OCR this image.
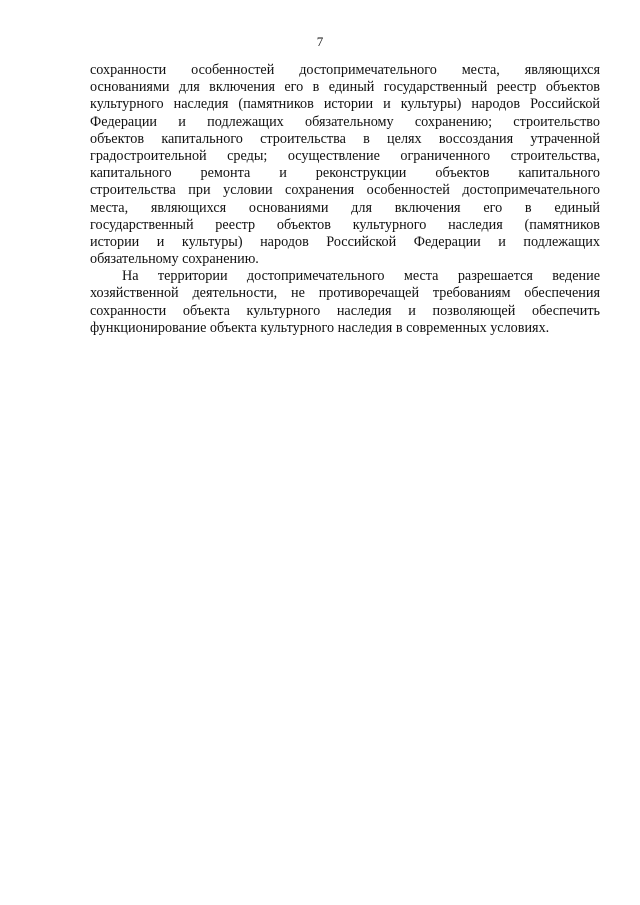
7
сохранности особенностей достопримечательного места, являющихся
основаниями для включения его в единый государственный реестр объектов
культурного наследия (памятников истории и культуры) народов Российской
Федерации и подлежащих обязательному сохранению; строительство
объектов капитального строительства в целях воссоздания утраченной
градостроительной среды; осуществление ограниченного строительства,
капитального ремонта и реконструкции объектов капитального
строительства при условии сохранения особенностей достопримечательного
места, являющихся основаниями для включения его в единый
государственный реестр объектов культурного наследия (памятников
истории и культуры) народов Российской Федерации и подлежащих
обязательному сохранению.
На территории достопримечательного места разрешается ведение
хозяйственной деятельности, не противоречащей требованиям обеспечения
сохранности объекта культурного наследия и позволяющей обеспечить
функционирование объекта культурного наследия в современных условиях.
